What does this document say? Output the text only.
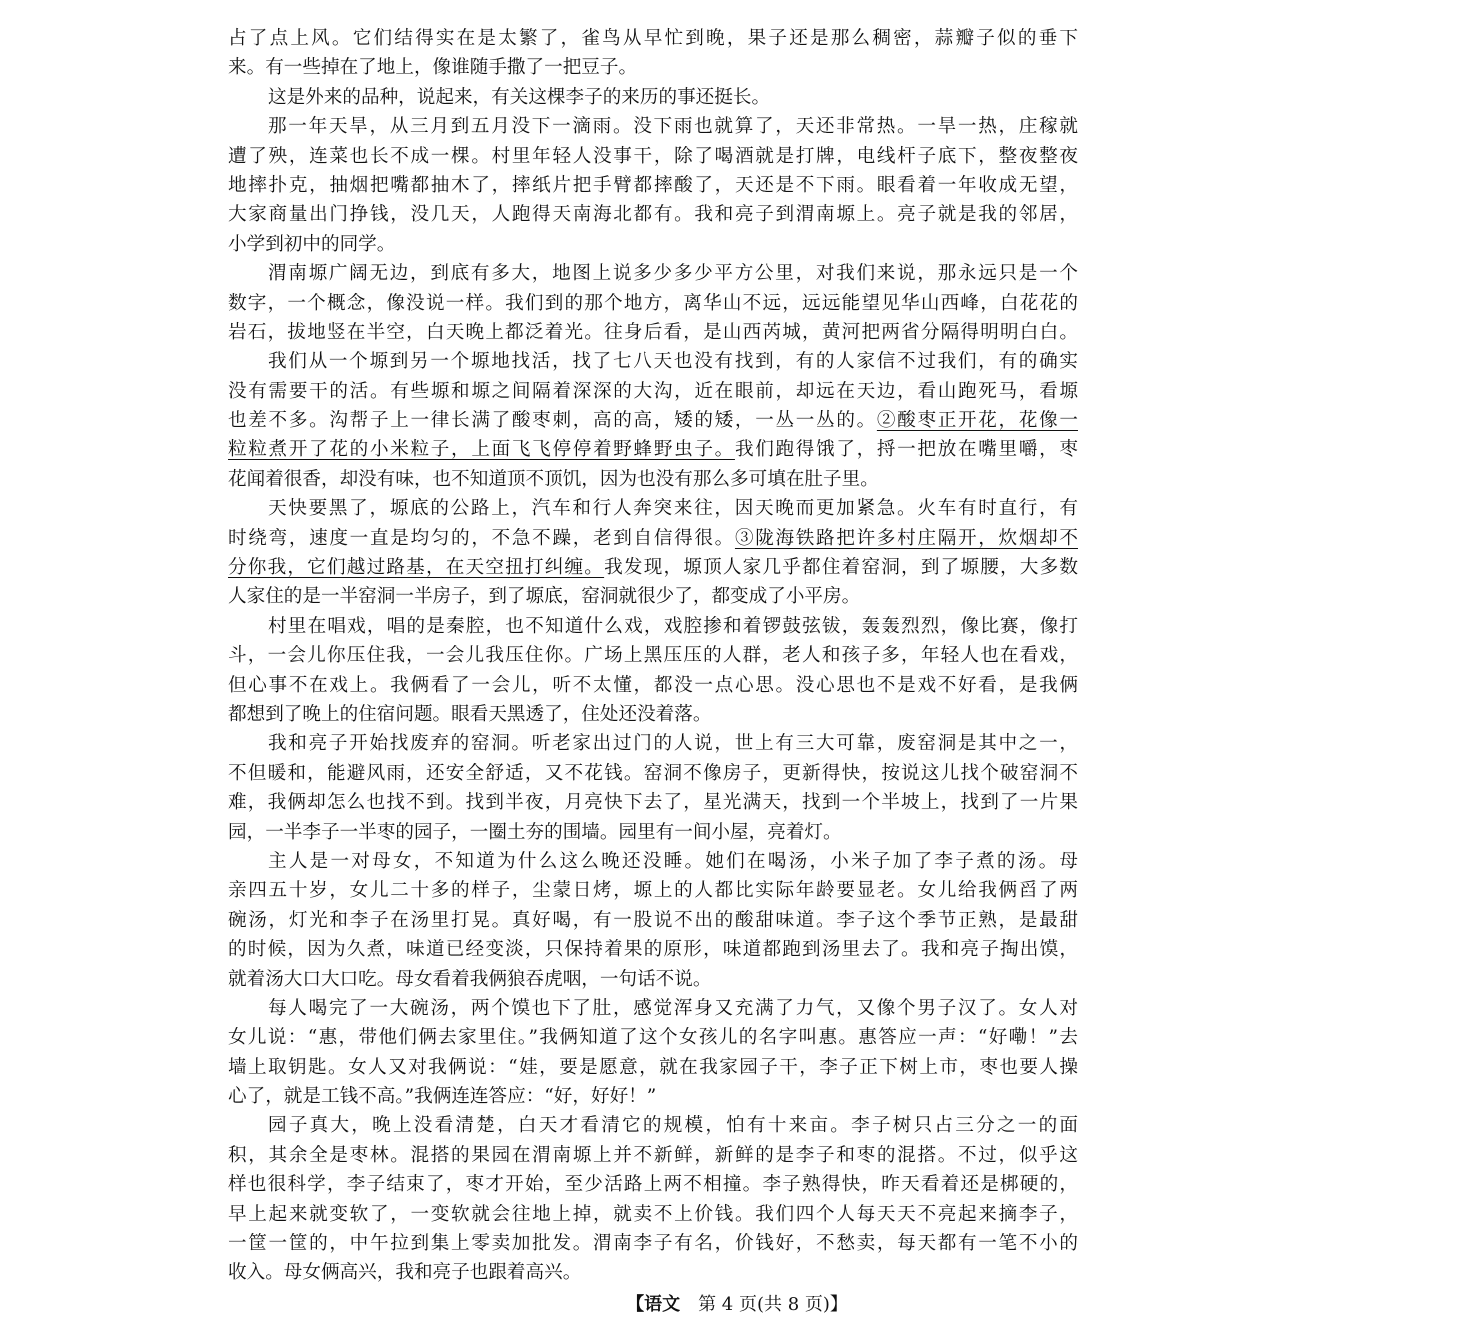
占了点上风。它们结得实在是太繁了，雀鸟从早忙到晚，果子还是那么稠密，蒜瓣子似的垂下
来。有一些掉在了地上，像谁随手撒了一把豆子。
这是外来的品种，说起来，有关这棵李子的来历的事还挺长。
那一年天旱，从三月到五月没下一滴雨。没下雨也就算了，天还非常热。一旱一热，庄稼就
遭了殃，连菜也长不成一棵。村里年轻人没事干，除了喝酒就是打牌，电线杆子底下，整夜整夜
地摔扑克，抽烟把嘴都抽木了，摔纸片把手臂都摔酸了，天还是不下雨。眼看着一年收成无望，
大家商量出门挣钱，没几天，人跑得天南海北都有。我和亮子到渭南塬上。亮子就是我的邻居，
小学到初中的同学。
渭南塬广阔无边，到底有多大，地图上说多少多少平方公里，对我们来说，那永远只是一个
数字，一个概念，像没说一样。我们到的那个地方，离华山不远，远远能望见华山西峰，白花花的
岩石，拔地竖在半空，白天晚上都泛着光。往身后看，是山西芮城，黄河把两省分隔得明明白白。
我们从一个塬到另一个塬地找活，找了七八天也没有找到，有的人家信不过我们，有的确实
没有需要干的活。有些塬和塬之间隔着深深的大沟，近在眼前，却远在天边，看山跑死马，看塬
也差不多。沟帮子上一律长满了酸枣刺，高的高，矮的矮，一丛一丛的。②酸枣正开花，花像一
粒粒煮开了花的小米粒子，上面飞飞停停着野蜂野虫子。我们跑得饿了，捋一把放在嘴里嚼，枣
花闻着很香，却没有味，也不知道顶不顶饥，因为也没有那么多可填在肚子里。
天快要黑了，塬底的公路上，汽车和行人奔突来往，因天晚而更加紧急。火车有时直行，有
时绕弯，速度一直是均匀的，不急不躁，老到自信得很。③陇海铁路把许多村庄隔开，炊烟却不
分你我，它们越过路基，在天空扭打纠缠。我发现，塬顶人家几乎都住着窑洞，到了塬腰，大多数
人家住的是一半窑洞一半房子，到了塬底，窑洞就很少了，都变成了小平房。
村里在唱戏，唱的是秦腔，也不知道什么戏，戏腔掺和着锣鼓弦钹，轰轰烈烈，像比赛，像打
斗，一会儿你压住我，一会儿我压住你。广场上黑压压的人群，老人和孩子多，年轻人也在看戏，
但心事不在戏上。我俩看了一会儿，听不太懂，都没一点心思。没心思也不是戏不好看，是我俩
都想到了晚上的住宿问题。眼看天黑透了，住处还没着落。
我和亮子开始找废弃的窑洞。听老家出过门的人说，世上有三大可靠，废窑洞是其中之一，
不但暖和，能避风雨，还安全舒适，又不花钱。窑洞不像房子，更新得快，按说这儿找个破窑洞不
难，我俩却怎么也找不到。找到半夜，月亮快下去了，星光满天，找到一个半坡上，找到了一片果
园，一半李子一半枣的园子，一圈土夯的围墙。园里有一间小屋，亮着灯。
主人是一对母女，不知道为什么这么晚还没睡。她们在喝汤，小米子加了李子煮的汤。母
亲四五十岁，女儿二十多的样子，尘蒙日烤，塬上的人都比实际年龄要显老。女儿给我俩舀了两
碗汤，灯光和李子在汤里打晃。真好喝，有一股说不出的酸甜味道。李子这个季节正熟，是最甜
的时候，因为久煮，味道已经变淡，只保持着果的原形，味道都跑到汤里去了。我和亮子掏出馍，
就着汤大口大口吃。母女看着我俩狼吞虎咽，一句话不说。
每人喝完了一大碗汤，两个馍也下了肚，感觉浑身又充满了力气，又像个男子汉了。女人对
女儿说：“惠，带他们俩去家里住。”我俩知道了这个女孩儿的名字叫惠。惠答应一声：“好嘞！”去
墙上取钥匙。女人又对我俩说：“娃，要是愿意，就在我家园子干，李子正下树上市，枣也要人操
心了，就是工钱不高。”我俩连连答应：“好，好好！”
园子真大，晚上没看清楚，白天才看清它的规模，怕有十来亩。李子树只占三分之一的面
积，其余全是枣林。混搭的果园在渭南塬上并不新鲜，新鲜的是李子和枣的混搭。不过，似乎这
样也很科学，李子结束了，枣才开始，至少活路上两不相撞。李子熟得快，昨天看着还是梆硬的，
早上起来就变软了，一变软就会往地上掉，就卖不上价钱。我们四个人每天天不亮起来摘李子，
一筐一筐的，中午拉到集上零卖加批发。渭南李子有名，价钱好，不愁卖，每天都有一笔不小的
收入。母女俩高兴，我和亮子也跟着高兴。
【语文 第 4 页(共 8 页)】
